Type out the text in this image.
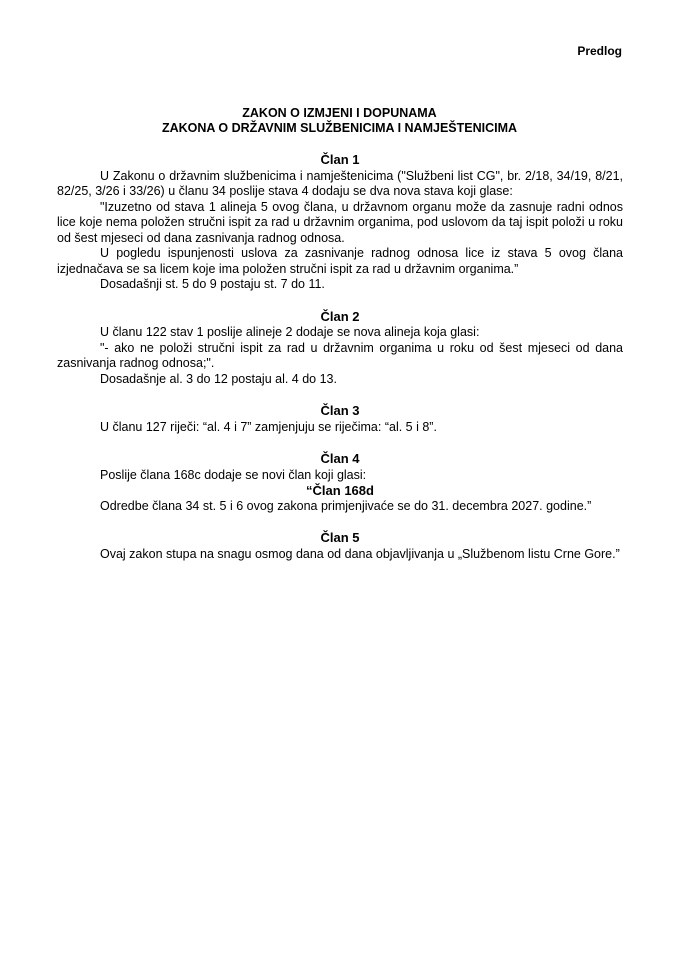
Predlog
ZAKON O IZMJENI I DOPUNAMA
ZAKONA O DRŽAVNIM SLUŽBENICIMA I NAMJEŠTENICIMA
Član 1

U Zakonu o državnim službenicima i namještenicima ("Službeni list CG", br. 2/18, 34/19, 8/21, 82/25, 3/26 i 33/26) u članu 34 poslije stava 4 dodaju se dva nova stava koji glase:

"Izuzetno od stava 1 alineja 5 ovog člana, u državnom organu može da zasnuje radni odnos lice koje nema položen stručni ispit za rad u državnim organima, pod uslovom da taj ispit položi u roku od šest mjeseci od dana zasnivanja radnog odnosa.

U pogledu ispunjenosti uslova za zasnivanje radnog odnosa lice iz stava 5 ovog člana izjednačava se sa licem koje ima položen stručni ispit za rad u državnim organima.”

Dosadašnji st. 5 do 9 postaju st. 7 do 11.

Član 2

U članu 122 stav 1 poslije alineje 2 dodaje se nova alineja koja glasi:

"- ako ne položi stručni ispit za rad u državnim organima u roku od šest mjeseci od dana zasnivanja radnog odnosa;".

Dosadašnje al. 3 do 12 postaju al. 4 do 13.

Član 3

U članu 127 riječi: “al. 4 i 7” zamjenjuju se riječima: “al. 5 i 8”.

Član 4

Poslije člana 168c dodaje se novi član koji glasi:

“Član 168d

Odredbe člana 34 st. 5 i 6 ovog zakona primjenjivaće se do 31. decembra 2027. godine.”

Član 5

Ovaj zakon stupa na snagu osmog dana od dana objavljivanja u „Službenom listu Crne Gore.”
